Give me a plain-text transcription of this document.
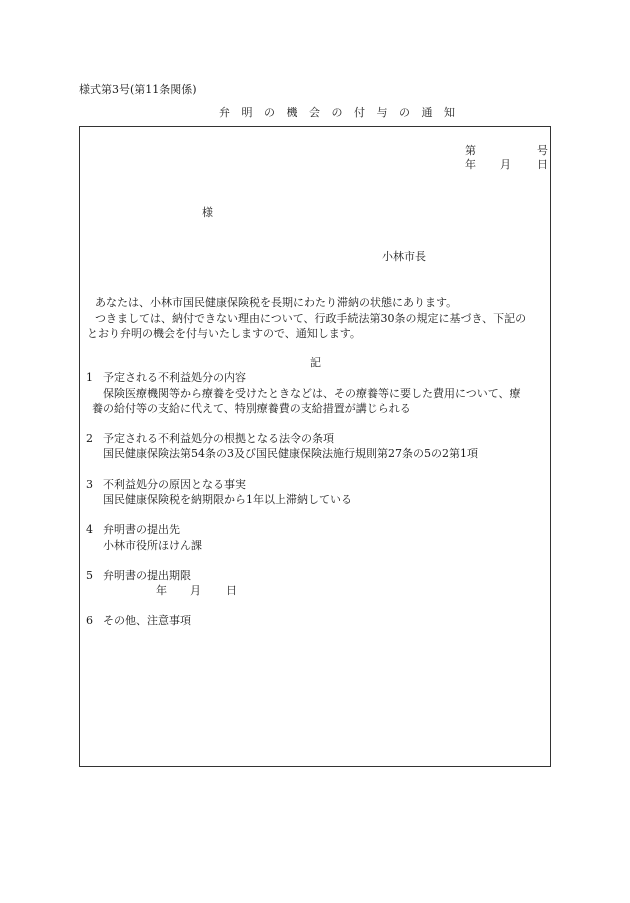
様式第3号(第11条関係)
弁 明 の 機 会 の 付 与 の 通 知
第	号
年 月 日
様
小林市長
あなたは、小林市国民健康保険税を長期にわたり滞納の状態にあります。
つきましては、納付できない理由について、行政手続法第30条の規定に基づき、下記の
とおり弁明の機会を付与いたしますので、通知します。
記
1 予定される不利益処分の内容
保険医療機関等から療養を受けたときなどは、その療養等に要した費用について、療
養の給付等の支給に代えて、特別療養費の支給措置が講じられる
2 予定される不利益処分の根拠となる法令の条項
国民健康保険法第54条の3及び国民健康保険法施行規則第27条の5の2第1項
3 不利益処分の原因となる事実
国民健康保険税を納期限から1年以上滞納している
4 弁明書の提出先
小林市役所ほけん課
5 弁明書の提出期限
年 月 日
6 その他、注意事項
